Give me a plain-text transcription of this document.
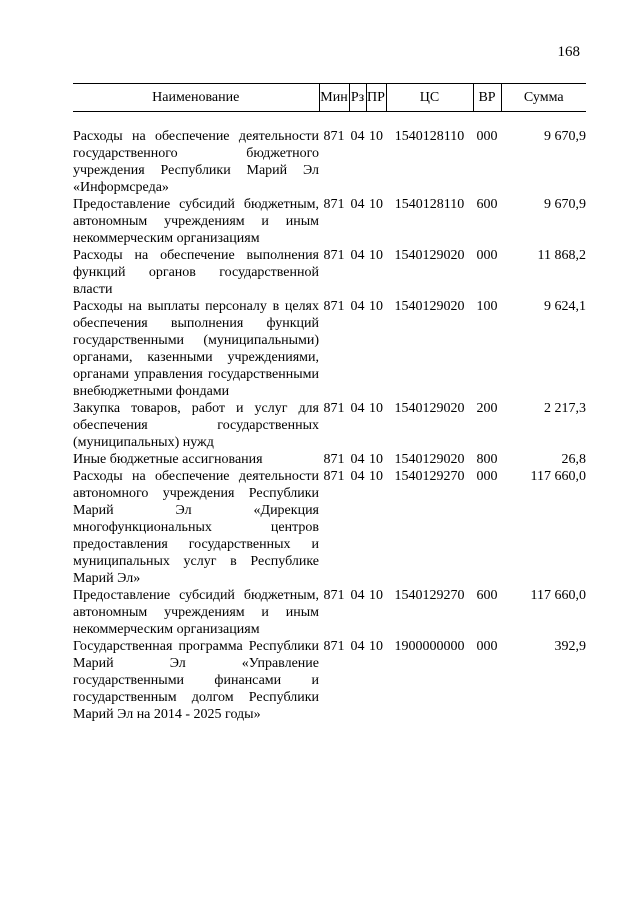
168
Наименование	Мин	Рз	ПР	ЦС	ВР	Сумма

Расходы на обеспечение деятельности государственного бюджетного учреждения Республики Марий Эл «Информсреда»	871	04	10	1540128110	000	9 670,9
Предоставление субсидий бюджетным, автономным учреждениям и иным некоммерческим организациям	871	04	10	1540128110	600	9 670,9
Расходы на обеспечение выполнения функций органов государственной власти	871	04	10	1540129020	000	11 868,2
Расходы на выплаты персоналу в целях обеспечения выполнения функций государственными (муниципальными) органами, казенными учреждениями, органами управления государственными внебюджетными фондами	871	04	10	1540129020	100	9 624,1
Закупка товаров, работ и услуг для обеспечения государственных (муниципальных) нужд	871	04	10	1540129020	200	2 217,3
Иные бюджетные ассигнования	871	04	10	1540129020	800	26,8
Расходы на обеспечение деятельности автономного учреждения Республики Марий Эл «Дирекция многофункциональных центров предоставления государственных и муниципальных услуг в Республике Марий Эл»	871	04	10	1540129270	000	117 660,0
Предоставление субсидий бюджетным, автономным учреждениям и иным некоммерческим организациям	871	04	10	1540129270	600	117 660,0
Государственная программа Республики Марий Эл «Управление государственными финансами и государственным долгом Республики Марий Эл на 2014 - 2025 годы»	871	04	10	1900000000	000	392,9
